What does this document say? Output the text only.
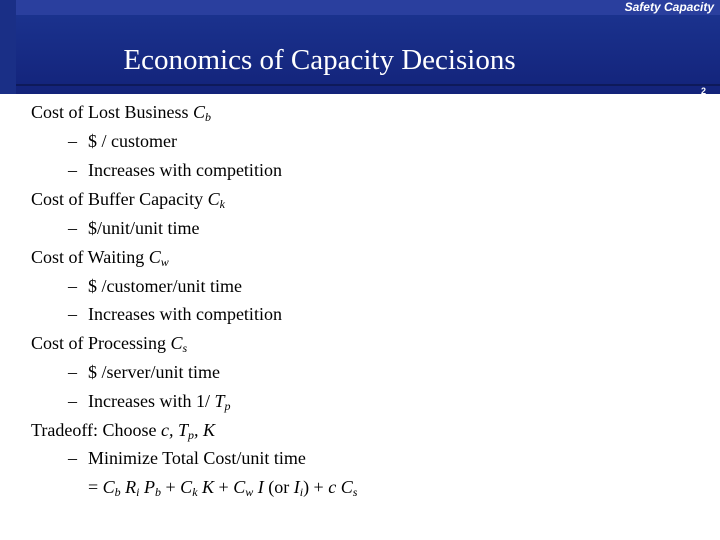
Safety Capacity
Economics of Capacity Decisions
2
Cost of Lost Business $C_b$
– $ / customer
– Increases with competition
Cost of Buffer Capacity $C_k$
– $/unit/unit time
Cost of Waiting $C_w$
– $ /customer/unit time
– Increases with competition
Cost of Processing $C_s$
– $ /server/unit time
– Increases with 1/ $T_p$
Tradeoff: Choose c, $T_p$, K
– Minimize Total Cost/unit time
= $C_b$ $R_i$ $P_b + C_k$ $K + C_w$ I (or $I_i) + c$ $C_s$
